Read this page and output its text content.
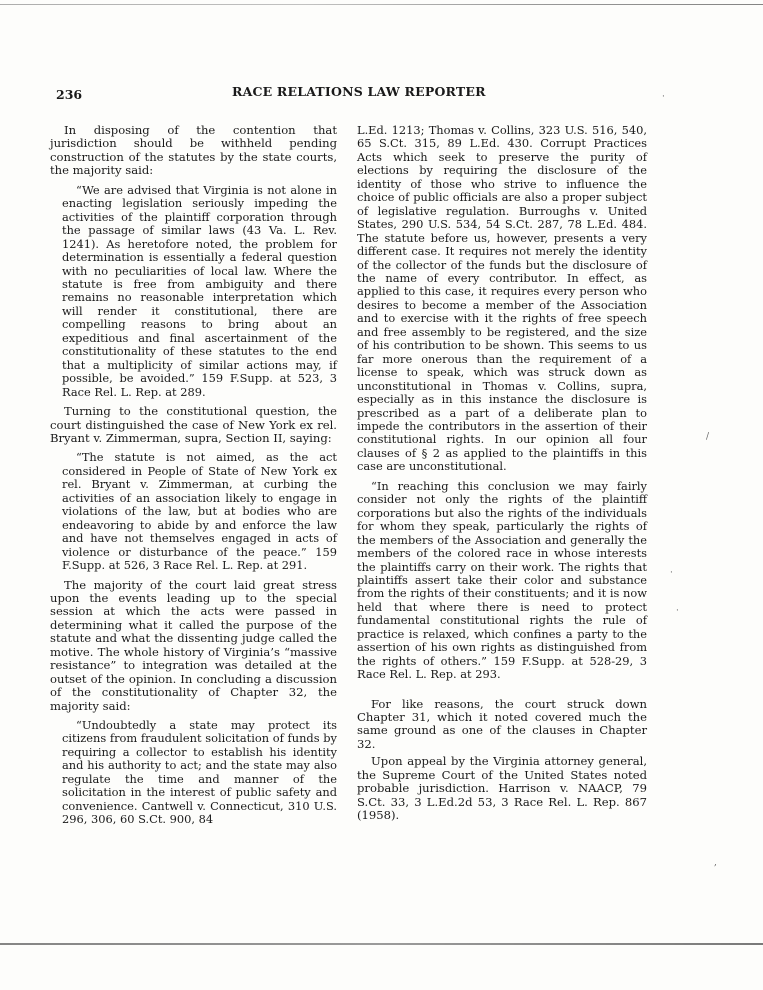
236	RACE RELATIONS LAW REPORTER

In disposing of the contention that jurisdiction should be withheld pending construction of the statutes by the state courts, the majority said:

“We are advised that Virginia is not alone in enacting legislation seriously impeding the activities of the plaintiff corporation through the passage of similar laws (43 Va. L. Rev. 1241). As heretofore noted, the problem for determination is essentially a federal question with no peculiarities of local law. Where the statute is free from ambiguity and there remains no reasonable interpretation which will render it constitutional, there are compelling reasons to bring about an expeditious and final ascertainment of the constitutionality of these statutes to the end that a multiplicity of similar actions may, if possible, be avoided.” 159 F.Supp. at 523, 3 Race Rel. L. Rep. at 289.

Turning to the constitutional question, the court distinguished the case of New York ex rel. Bryant v. Zimmerman, supra, Section II, saying:

“The statute is not aimed, as the act considered in People of State of New York ex rel. Bryant v. Zimmerman, at curbing the activities of an association likely to engage in violations of the law, but at bodies who are endeavoring to abide by and enforce the law and have not themselves engaged in acts of violence or disturbance of the peace.” 159 F.Supp. at 526, 3 Race Rel. L. Rep. at 291.

The majority of the court laid great stress upon the events leading up to the special session at which the acts were passed in determining what it called the purpose of the statute and what the dissenting judge called the motive. The whole history of Virginia’s “massive resistance” to integration was detailed at the outset of the opinion. In concluding a discussion of the constitutionality of Chapter 32, the majority said:

“Undoubtedly a state may protect its citizens from fraudulent solicitation of funds by requiring a collector to establish his identity and his authority to act; and the state may also regulate the time and manner of the solicitation in the interest of public safety and convenience. Cantwell v. Connecticut, 310 U.S. 296, 306, 60 S.Ct. 900, 84

L.Ed. 1213; Thomas v. Collins, 323 U.S. 516, 540, 65 S.Ct. 315, 89 L.Ed. 430. Corrupt Practices Acts which seek to preserve the purity of elections by requiring the disclosure of the identity of those who strive to influence the choice of public officials are also a proper subject of legislative regulation. Burroughs v. United States, 290 U.S. 534, 54 S.Ct. 287, 78 L.Ed. 484. The statute before us, however, presents a very different case. It requires not merely the identity of the collector of the funds but the disclosure of the name of every contributor. In effect, as applied to this case, it requires every person who desires to become a member of the Association and to exercise with it the rights of free speech and free assembly to be registered, and the size of his contribution to be shown. This seems to us far more onerous than the requirement of a license to speak, which was struck down as unconstitutional in Thomas v. Collins, supra, especially as in this instance the disclosure is prescribed as a part of a deliberate plan to impede the contributors in the assertion of their constitutional rights. In our opinion all four clauses of § 2 as applied to the plaintiffs in this case are unconstitutional.

“In reaching this conclusion we may fairly consider not only the rights of the plaintiff corporations but also the rights of the individuals for whom they speak, particularly the rights of the members of the Association and generally the members of the colored race in whose interests the plaintiffs carry on their work. The rights that plaintiffs assert take their color and substance from the rights of their constituents; and it is now held that where there is need to protect fundamental constitutional rights the rule of practice is relaxed, which confines a party to the assertion of his own rights as distinguished from the rights of others.” 159 F.Supp. at 528-29, 3 Race Rel. L. Rep. at 293.

For like reasons, the court struck down Chapter 31, which it noted covered much the same ground as one of the clauses in Chapter 32.

Upon appeal by the Virginia attorney general, the Supreme Court of the United States noted probable jurisdiction. Harrison v. NAACP, 79 S.Ct. 33, 3 L.Ed.2d 53, 3 Race Rel. L. Rep. 867 (1958).

·
/
·
·
,
